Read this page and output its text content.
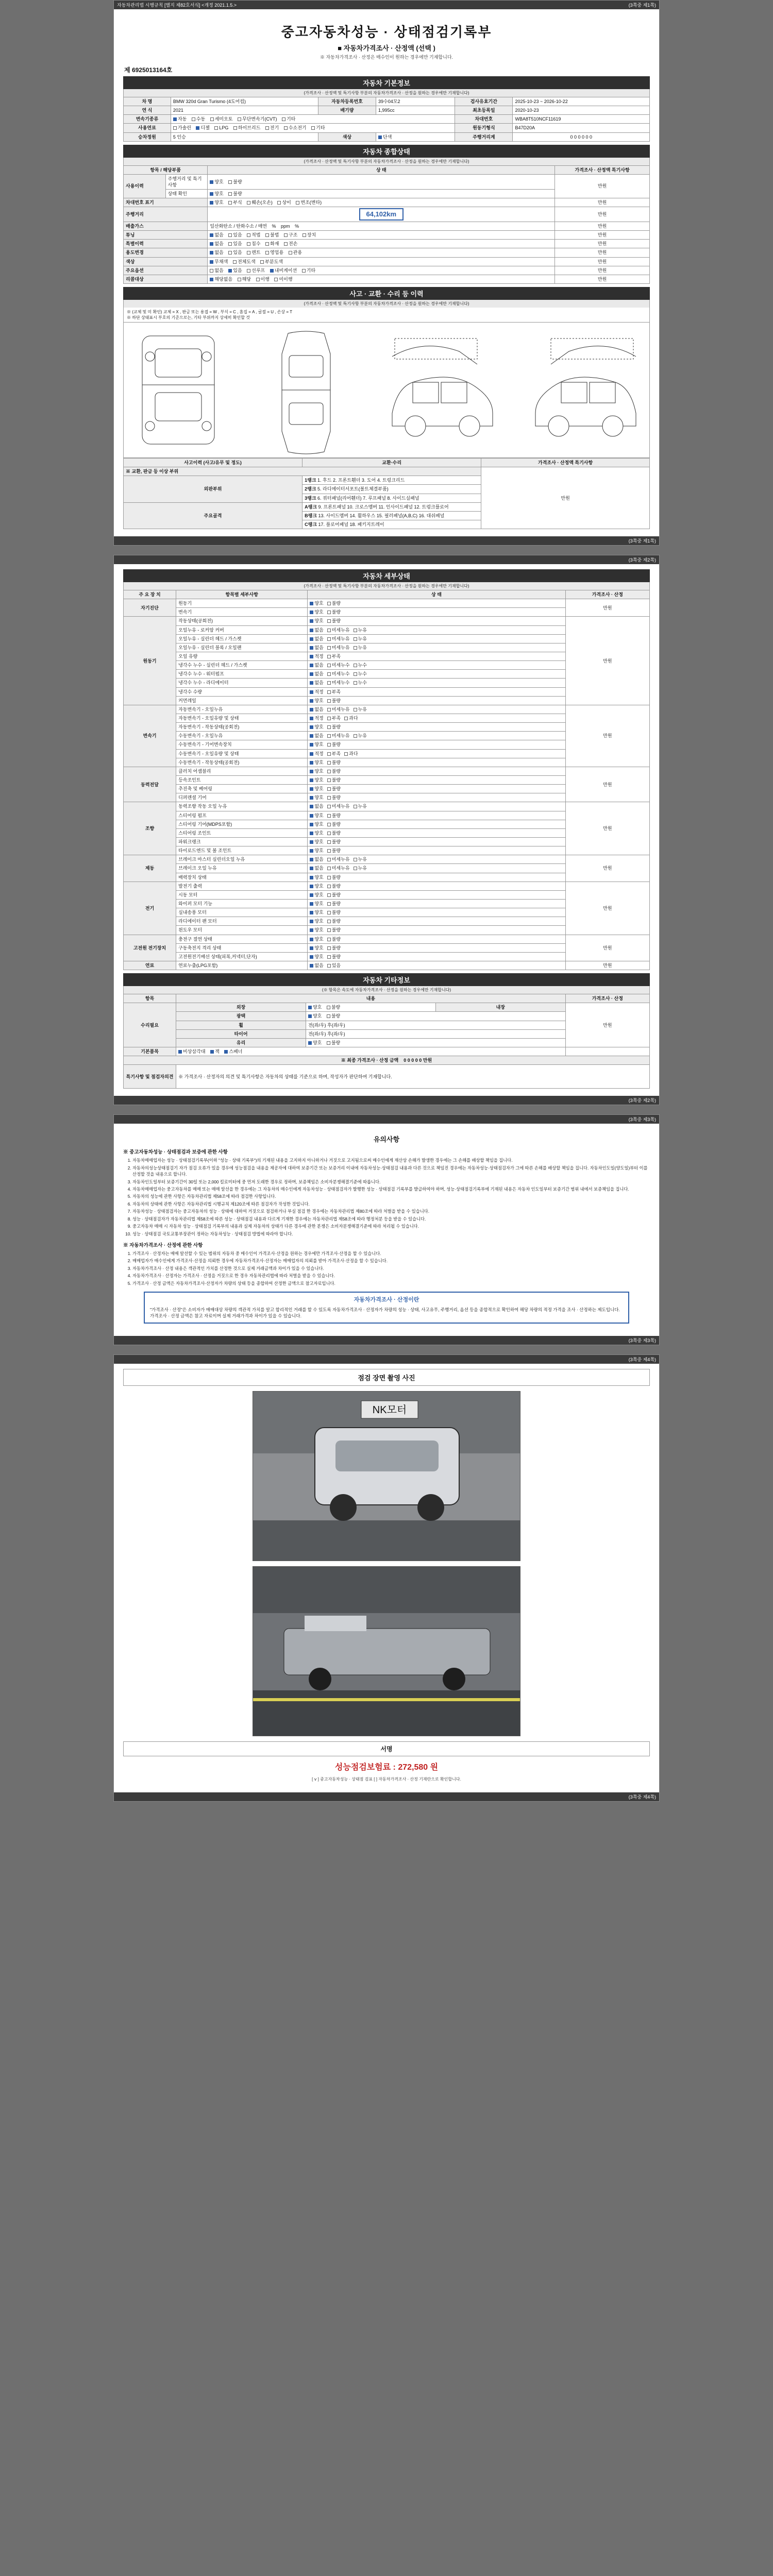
자동차관리법 시행규칙 [별지 제82호서식] <개정 2021.1.5.>	(3쪽중 제1쪽)
중고자동차성능 · 상태점검기록부
■ 자동차가격조사 · 산정액 (선택 )
※ 자동차가격조사 · 산정은 매수인이 원하는 경우에만 기재합니다.
제 6925013164호
자동차 기본정보
(가격조사 · 산정액 및 특기사항 부분의 자동차가격조사 · 산정을 원하는 경우에만 기재합니다)
차 명	BMW 320d Gran Turismo (4도어컵)	자동차등록번호	39수04모2	검사유효기간	2025-10-23 ~ 2026-10-22
연 식	2021	배기량	1,995cc	최초등록일	2020-10-23
변속기종류	자동 수동 세미오토 무단변속기(CVT) 기타			차대번호	WBA8T510NCF11619
사용연료	가솔린 디젤 LPG 하이브리드 전기 수소전기 기타			원동기형식	B47D20A
승차정원	5 인승	색상	단색	주행거리계	0 0 0 0 0 0
자동차 종합상태
(가격조사 · 산정액 및 특기사항 부분의 자동차가격조사 · 산정을 원하는 경우에만 기재합니다)
항목 / 해당부품		상 태	가격조사 · 산정액 특기사항
사용이력	주행거리 및 특기사항	양호 불량	만원
	상태 확인	양호 불량	
차대번호 표기		양호 부식 훼손(오손) 상이 변조(변타)	만원
주행거리		64,102km	만원
배출가스		일산화탄소 / 탄화수소 / 매연 % ppm %	만원
튜닝		없음 있음 적법 불법 구조 장치	만원
특별이력		없음 있음 침수 화재 전손	만원
용도변경		없음 있음 렌트 영업용 관용	만원
색상		무채색 전체도색 부분도색	만원
주요옵션		없음 있음 선루프 내비게이션 기타	만원
리콜대상		해당없음 해당 이행 미이행	만원
사고 · 교환 · 수리 등 이력
(가격조사 · 산정액 및 특기사항 부분의 자동차가격조사 · 산정을 원하는 경우에만 기재합니다)
※ (교체 및 미 확인) 교체 = X , 판금 또는 용접 = W , 부식 = C , 흠집 = A , 굴절 = U , 손상 = T
※ 하단 상태표시 부호의 기준으로는, 기타 부위까지 상세히 확인할 것
사고이력 (사고/유무 및 정도)	교환·수리	가격조사 · 산정액 특기사항
※ 교환, 판금 등 이상 부위		만원
외판부위	1랭크 1. 후드 2. 프론트휀더 3. 도어 4. 트렁크리드	
	2랭크 5. 라디에이터서포트(볼트체결부품)	
	3랭크 6. 쿼터패널(리어휀더) 7. 루프패널 8. 사이드실패널	
주요골격	A랭크 9. 프론트패널 10. 크로스멤버 11. 인사이드패널 12. 트렁크플로어	
	B랭크 13. 사이드멤버 14. 휠하우스 15. 필러패널(A,B,C) 16. 대쉬패널	
	C랭크 17. 플로어패널 18. 패키지트레이	
(3쪽중 제1쪽)
(3쪽중 제2쪽)
자동차 세부상태
(가격조사 · 산정액 및 특기사항 부분의 자동차가격조사 · 산정을 원하는 경우에만 기재합니다)
주 요 장 치	항목별 세부사항	상 태	가격조사 · 산정
자기진단	원동기	양호 불량	만원
	변속기	양호 불량	
원동기	작동상태(공회전)	양호 불량	만원
	오일누유 - 로커암 커버	없음 미세누유 누유	
	오일누유 - 실린더 헤드 / 가스켓	없음 미세누유 누유	
	오일누유 - 실린더 블록 / 오일팬	없음 미세누유 누유	
	오일 유량	적정 부족	
	냉각수 누수 - 실린더 헤드 / 가스켓	없음 미세누수 누수	
	냉각수 누수 - 워터펌프	없음 미세누수 누수	
	냉각수 누수 - 라디에이터	없음 미세누수 누수	
	냉각수 수량	적정 부족	
	커먼레일	양호 불량	
변속기	자동변속기 - 오일누유	없음 미세누유 누유	만원
	자동변속기 - 오일유량 및 상태	적정 부족 과다	
	자동변속기 - 작동상태(공회전)	양호 불량	
	수동변속기 - 오일누유	없음 미세누유 누유	
	수동변속기 - 기어변속장치	양호 불량	
	수동변속기 - 오일유량 및 상태	적정 부족 과다	
	수동변속기 - 작동상태(공회전)	양호 불량	
동력전달	클러치 어셈블리	양호 불량	만원
	등속조인트	양호 불량	
	추진축 및 베어링	양호 불량	
	디퍼렌셜 기어	양호 불량	
조향	동력조향 작동 오일 누유	없음 미세누유 누유	만원
	스티어링 펌프	양호 불량	
	스티어링 기어(MDPS포함)	양호 불량	
	스티어링 조인트	양호 불량	
	파워크랭크	양호 불량	
	타이로드엔드 및 볼 조인트	양호 불량	
제동	브레이크 마스터 실린더오일 누유	없음 미세누유 누유	만원
	브레이크 오일 누유	없음 미세누유 누유	
	배력장치 상태	양호 불량	
전기	발전기 출력	양호 불량	만원
	시동 모터	양호 불량	
	와이퍼 모터 기능	양호 불량	
	실내송풍 모터	양호 불량	
	라디에이터 팬 모터	양호 불량	
	윈도우 모터	양호 불량	
고전원 전기장치	충전구 절연 상태	양호 불량	만원
	구동축전지 격리 상태	양호 불량	
	고전원전기배선 상태(피복,커넥터,단자)	양호 불량	
연료	연료누출(LPG포함)	없음 있음	만원
자동차 기타정보
(※ 항목은 속도에 자동차가격조사 · 산정을 원하는 경우에만 기재합니다)
항목	내용			가격조사 · 산정
수리필요	외장	양호 불량	내장	만원
	광택	양호 불량		
	휠	전(좌/우) 후(좌/우)		
	타이어	전(좌/우) 후(좌/우)		
	유리	양호 불량		
기본품목	비상삼각대 잭 스패너			
※ 최종 가격조사 · 산정 금액 0 0 0 0 0 만원				
특기사항 및 점검자의견	※ 가격조사 · 산정자의 의견 및 특기사항은 자동차의 상태를 기준으로 하며, 작성자가 판단하여 기재합니다.			
(3쪽중 제2쪽)
(3쪽중 제3쪽)
유의사항
※ 중고자동차성능 · 상태점검과 보증에 관한 사항
1. 자동차매매업자는 성능 · 상태점검기록부(이하 "성능 · 상태 기록부")의 기재된 내용을 고지하지 아니하거나 거짓으로 고지됨으로써 매수인에게 재산상 손해가 발생한 경우에는 그 손해를 배상할 책임을 집니다.
2. 자동차의성능상태점검기 자가 점검 오류가 있을 경우에 성능점검을 내용을 제공자에 대하여 보증기간 또는 보증거리 이내에 자동차성능·상태점검 내용과 다른 것으로 책임진 경우에는 자동차성능·상태점검자가 그에 따른 손해를 배상할 책임을 집니다. 자동차인도일(양도일)부터 이를 산정할 것을 내용으로 합니다.
3. 자동차인도일부터 보증기간이 30일 또는 2,000 킬로미터에 중 먼저 도래한 경우로 정하며, 보증책임은 소비자분쟁해결기준에 따릅니다.
4. 자동차매매업자는 중고자동차를 매매 또는 매매 알선을 한 경우에는 그 자동차의 매수인에게 자동차성능 · 상태점검자가 발행한 성능 · 상태점검 기록부를 발급하여야 하며, 성능·상태점검기록부에 기재된 내용은 자동차 인도일부터 보증기간 범위 내에서 보증책임을 집니다.
5. 자동차의 성능에 관한 사항은 자동차관리법 제58조에 따라 점검한 사항입니다.
6. 자동차의 상태에 관한 사항은 자동차관리법 시행규칙 제120조에 따른 점검자가 작성한 것입니다.
7. 자동차성능 · 상태점검자는 중고자동차의 성능 · 상태에 대하여 거짓으로 점검하거나 부실 점검 한 경우에는 자동차관리법 제80조에 따라 처벌을 받을 수 있습니다.
8. 성능 · 상태점검자가 자동차관리법 제58조에 따른 성능 · 상태점검 내용과 다르게 기재한 경우에는 자동차관리법 제58조에 따라 행정처분 등을 받을 수 있습니다.
9. 중고자동차 매매 시 자동차 성능 · 상태점검 기록부의 내용과 실제 자동차의 상태가 다른 경우에 관한 분쟁은 소비자분쟁해결기준에 따라 처리될 수 있습니다.
10. 성능 · 상태점검 국토교통부장관이 정하는 자동차성능 · 상태점검 방법에 따라야 합니다.
※ 자동차가격조사 · 산정에 관한 사항
1. 가격조사 · 산정자는 매매 알선할 수 있는 범위의 자동차 중 매수인이 가격조사·산정을 원하는 경우에만 가격조사·산정을 할 수 있습니다.
2. 매매업자가 매수인에게 가격조사·산정을 의뢰한 경우에 자동차가격조사·산정자는 매매업자의 의뢰를 받아 가격조사·산정을 할 수 있습니다.
3. 자동차가격조사 · 산정 내용은 객관적인 가치를 산정한 것으로 실제 거래금액과 차이가 있을 수 있습니다.
4. 자동차가격조사 · 산정자는 가격조사 · 산정을 거짓으로 한 경우 자동차관리법에 따라 처벌을 받을 수 있습니다.
5. 가격조사 · 산정 금액은 자동차가격조사·산정자가 차량의 상태 등을 종합하여 산정한 금액으로 참고자료입니다.
자동차가격조사 · 산정이란
"가격조사 · 산정"은 소비자가 매매대상 차량의 객관적 가치를 알고 합리적인 거래를 할 수 있도록 자동차가격조사 · 산정자가 차량의 성능 · 상태, 사고유무, 주행거리, 옵션 등을 종합적으로 확인하여 해당 차량의 적정 가격을 조사 · 산정하는 제도입니다. 가격조사 · 산정 금액은 참고 자료이며 실제 거래가격과 차이가 있을 수 있습니다.
(3쪽중 제3쪽)
(3쪽중 제4쪽)
점검 장면 촬영 사진
NK모터
서명
성능점검보험료 : 272,580 원
[ ⅴ ] 중고자동차성능 · 상태점 검표 [ ] 자동차가격조사 · 산정 기재란으로 확인합니다.
(3쪽중 제4쪽)
